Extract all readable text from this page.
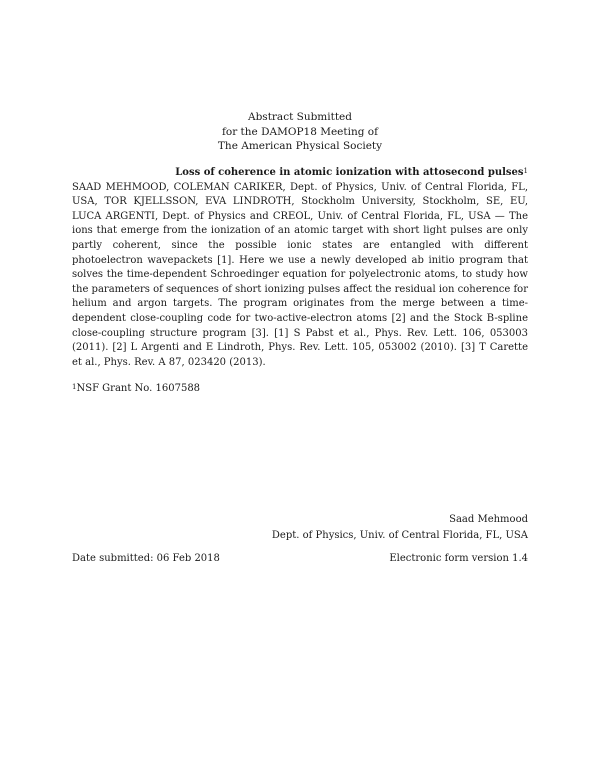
Abstract Submitted
for the DAMOP18 Meeting of
The American Physical Society
Loss of coherence in atomic ionization with attosecond pulses$^1$

SAAD MEHMOOD, COLEMAN CARIKER, Dept. of Physics, Univ. of Central Florida, FL, USA, TOR KJELLSSON, EVA LINDROTH, Stockholm University, Stockholm, SE, EU, LUCA ARGENTI, Dept. of Physics and CREOL, Univ. of Central Florida, FL, USA — The ions that emerge from the ionization of an atomic target with short light pulses are only partly coherent, since the possible ionic states are entangled with different photoelectron wavepackets [1]. Here we use a newly developed ab initio program that solves the time-dependent Schroedinger equation for polyelectronic atoms, to study how the parameters of sequences of short ionizing pulses affect the residual ion coherence for helium and argon targets. The program originates from the merge between a time-dependent close-coupling code for two-active-electron atoms [2] and the Stock B-spline close-coupling structure program [3]. [1] S Pabst et al., Phys. Rev. Lett. 106, 053003 (2011). [2] L Argenti and E Lindroth, Phys. Rev. Lett. 105, 053002 (2010). [3] T Carette et al., Phys. Rev. A 87, 023420 (2013).

$^1$NSF Grant No. 1607588
Saad Mehmood
Dept. of Physics, Univ. of Central Florida, FL, USA
Date submitted: 06 Feb 2018	Electronic form version 1.4
